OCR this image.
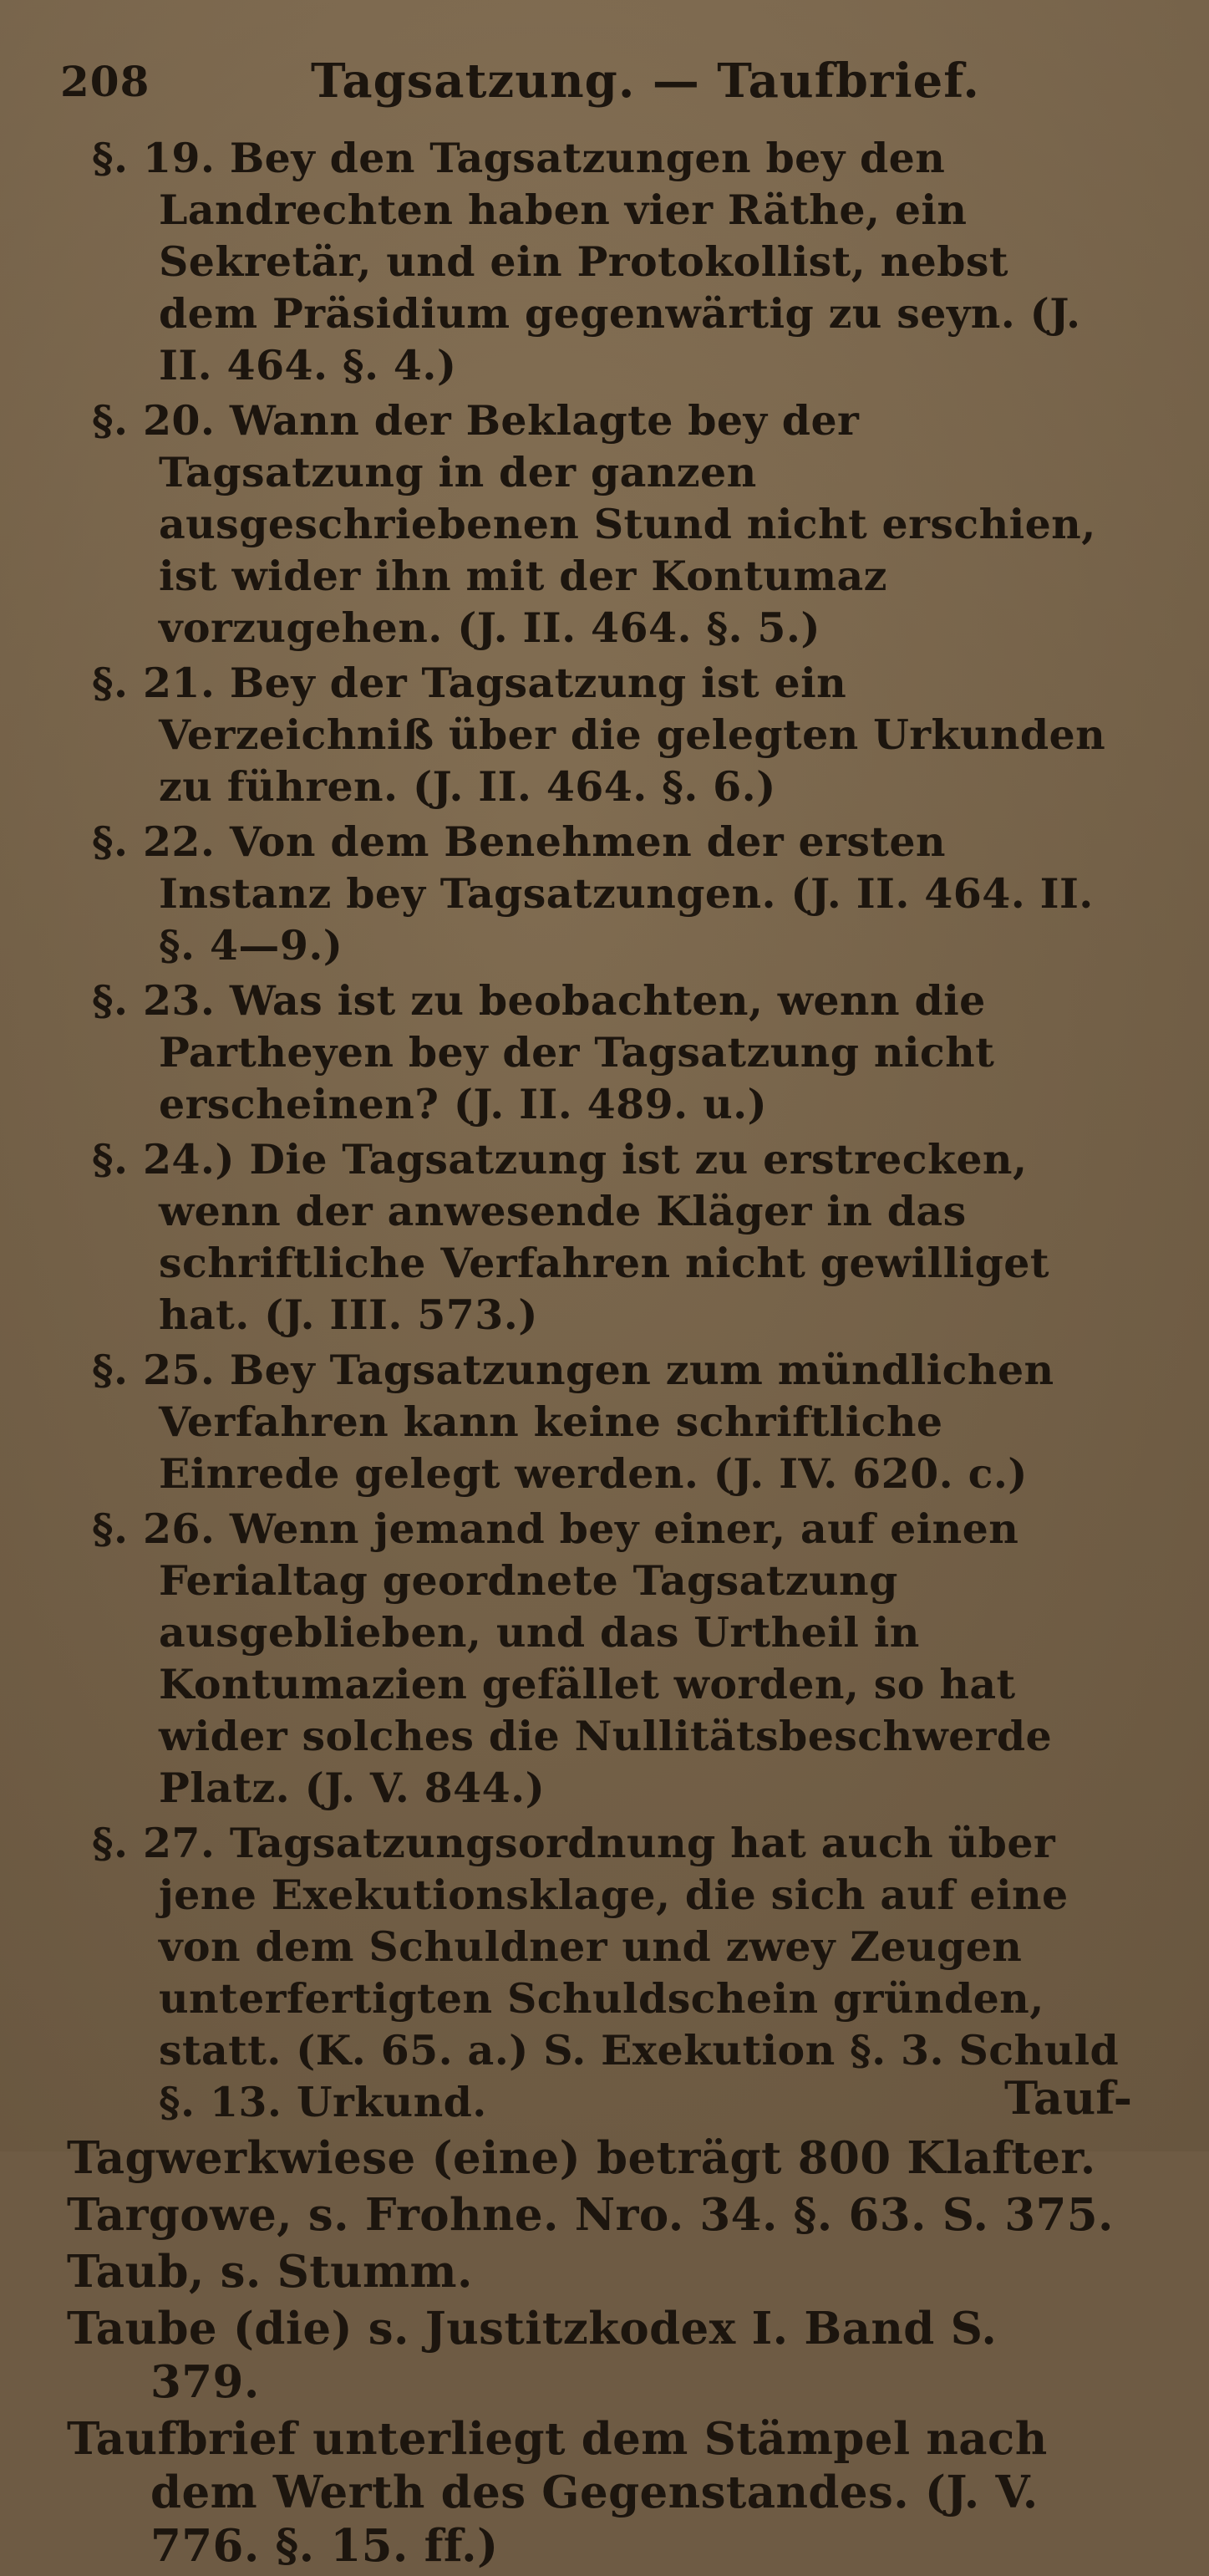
208	Tagsatzung. — Taufbrief.

§. 19. Bey den Tagsatzungen bey den Landrechten haben vier Räthe, ein Sekretär, und ein Protokollist, nebst dem Präsidium gegenwärtig zu seyn. (J. II. 464. §. 4.)

§. 20. Wann der Beklagte bey der Tagsatzung in der ganzen ausgeschriebenen Stund nicht erschien, ist wider ihn mit der Kontumaz vorzugehen. (J. II. 464. §. 5.)

§. 21. Bey der Tagsatzung ist ein Verzeichniß über die gelegten Urkunden zu führen. (J. II. 464. §. 6.)

§. 22. Von dem Benehmen der ersten Instanz bey Tagsatzungen. (J. II. 464. II. §. 4—9.)

§. 23. Was ist zu beobachten, wenn die Partheyen bey der Tagsatzung nicht erscheinen? (J. II. 489. u.)

§. 24.) Die Tagsatzung ist zu erstrecken, wenn der anwesende Kläger in das schriftliche Verfahren nicht gewilliget hat. (J. III. 573.)

§. 25. Bey Tagsatzungen zum mündlichen Verfahren kann keine schriftliche Einrede gelegt werden. (J. IV. 620. c.)

§. 26. Wenn jemand bey einer, auf einen Ferialtag geordnete Tagsatzung ausgeblieben, und das Urtheil in Kontumazien gefället worden, so hat wider solches die Nullitätsbeschwerde Platz. (J. V. 844.)

§. 27. Tagsatzungsordnung hat auch über jene Exekutionsklage, die sich auf eine von dem Schuldner und zwey Zeugen unterfertigten Schuldschein gründen, statt. (K. 65. a.) S. Exekution §. 3. Schuld §. 13. Urkund.

Tagwerkwiese (eine) beträgt 800 Klafter.

Targowe, s. Frohne. Nro. 34. §. 63. S. 375.

Taub, s. Stumm.

Taube (die) s. Justitzkodex I. Band S. 379.

Taufbrief unterliegt dem Stämpel nach dem Werth des Gegenstandes. (J. V. 776. §. 15. ff.)

Tauf-
